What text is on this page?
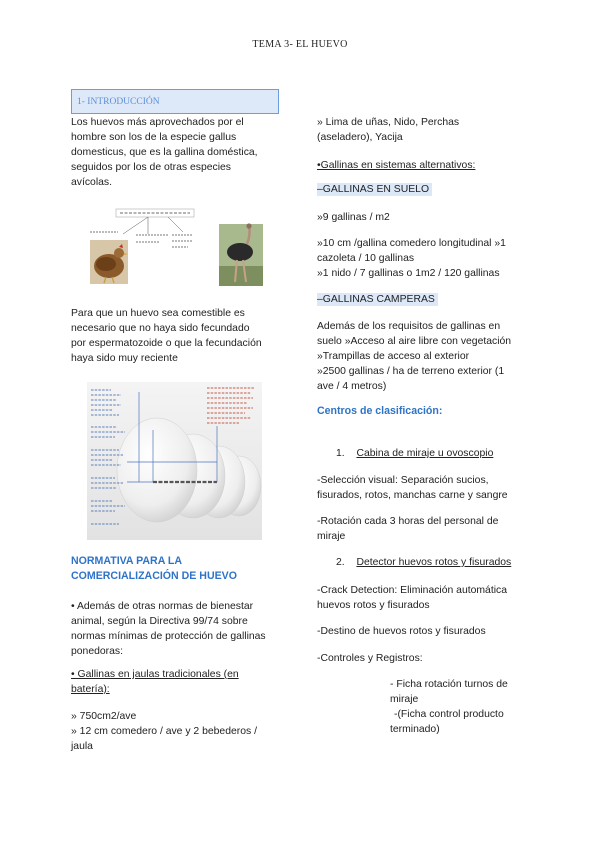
TEMA 3- EL HUEVO
1- INTRODUCCIÓN
Los huevos más aprovechados por el
hombre son los de la especie gallus
domesticus, que es la gallina doméstica,
seguidos por los de otras especies
avícolas.
Para que un huevo sea comestible es
necesario que no haya sido fecundado
por espermatozoide o que la fecundación
haya sido muy reciente
NORMATIVA PARA LA
COMERCIALIZACIÓN DE HUEVO
• Además de otras normas de bienestar
animal, según la Directiva 99/74 sobre
normas mínimas de protección de gallinas
ponedoras:
• Gallinas en jaulas tradicionales (en
batería):
» 750cm2/ave
» 12 cm comedero / ave y 2 bebederos /
jaula
» Lima de uñas, Nido, Perchas
(aseladero), Yacija
•Gallinas en sistemas alternativos:
–GALLINAS EN SUELO
»9 gallinas / m2
»10 cm /gallina comedero longitudinal »1
cazoleta / 10 gallinas
»1 nido / 7 gallinas o 1m2 / 120 gallinas
–GALLINAS CAMPERAS
Además de los requisitos de gallinas en
suelo »Acceso al aire libre con vegetación
»Trampillas de acceso al exterior
»2500 gallinas / ha de terreno exterior (1
ave / 4 metros)
Centros de clasificación:
1. Cabina de miraje u ovoscopio
-Selección visual: Separación sucios,
fisurados, rotos, manchas carne y sangre
-Rotación cada 3 horas del personal de
miraje
2. Detector huevos rotos y fisurados
-Crack Detection: Eliminación automática
huevos rotos y fisurados
-Destino de huevos rotos y fisurados
-Controles y Registros:
- Ficha rotación turnos de
miraje
-(Ficha control producto
terminado)
